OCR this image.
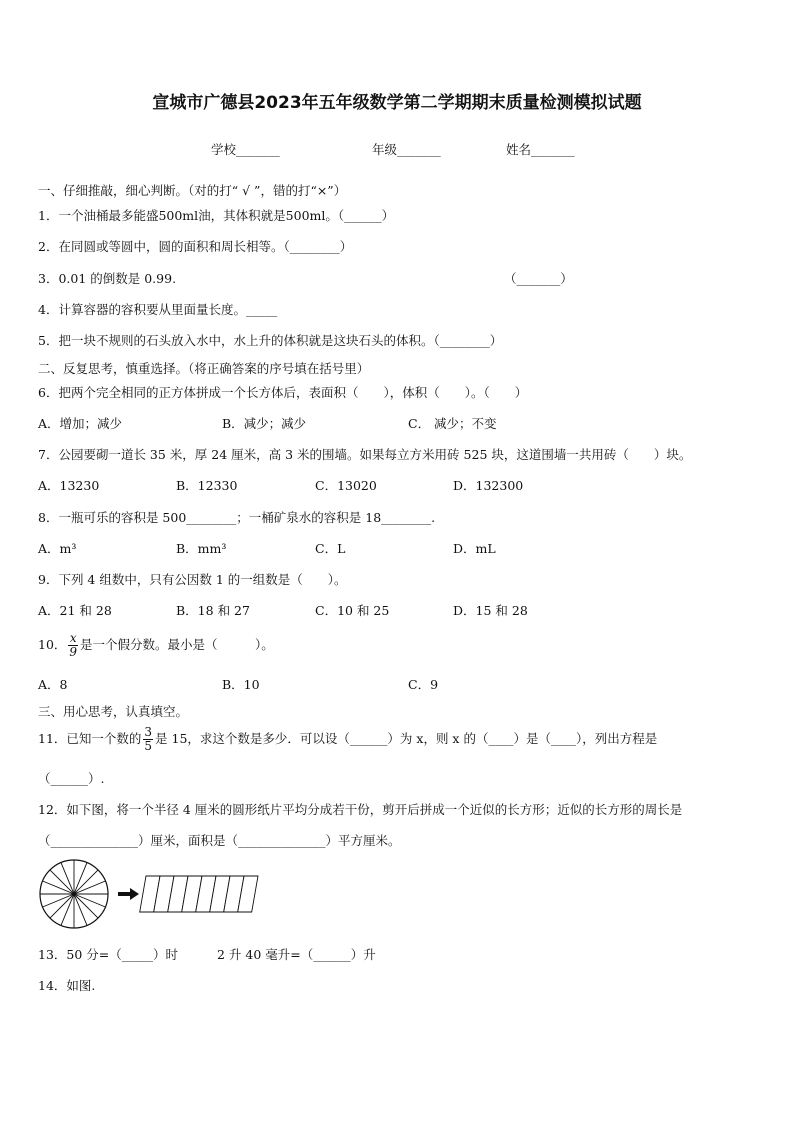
宣城市广德县2023年五年级数学第二学期期末质量检测模拟试题
学校_______	年级_______	姓名_______
一、仔细推敲，细心判断。（对的打“ √ ”，错的打“×”）
1．一个油桶最多能盛500ml油，其体积就是500ml。（______）
2．在同圆或等圆中，圆的面积和周长相等。（________）
3．0.01 的倒数是 0.99.	（_______）
4．计算容器的容积要从里面量长度。_____
5．把一块不规则的石头放入水中，水上升的体积就是这块石头的体积。（________）
二、反复思考，慎重选择。（将正确答案的序号填在括号里）
6．把两个完全相同的正方体拼成一个长方体后，表面积（　　），体积（　　）。（　　）
A．增加；减少	B．减少；减少	C． 减少；不变
7．公园要砌一道长 35 米，厚 24 厘米，高 3 米的围墙。如果每立方米用砖 525 块，这道围墙一共用砖（　　）块。
A．13230	B．12330	C．13020	D．132300
8．一瓶可乐的容积是 500________；一桶矿泉水的容积是 18________.
A．m³	B．mm³	C．L	D．mL
9．下列 4 组数中，只有公因数 1 的一组数是（　　）。
A．21 和 28	B．18 和 27	C．10 和 25	D．15 和 28
10． $\frac{x}{9}$ 是一个假分数。最小是（　　　）。
A．8	B．10	C．9
三、用心思考，认真填空。
11．已知一个数的 $\frac{3}{5}$ 是 15，求这个数是多少．可以设（______）为 x，则 x 的（____）是（____），列出方程是
（______）.
12．如下图，将一个半径 4 厘米的圆形纸片平均分成若干份，剪开后拼成一个近似的长方形；近似的长方形的周长是
（______________）厘米，面积是（______________）平方厘米。
13．50 分=（_____）时	2 升 40 毫升=（______）升
14．如图.
